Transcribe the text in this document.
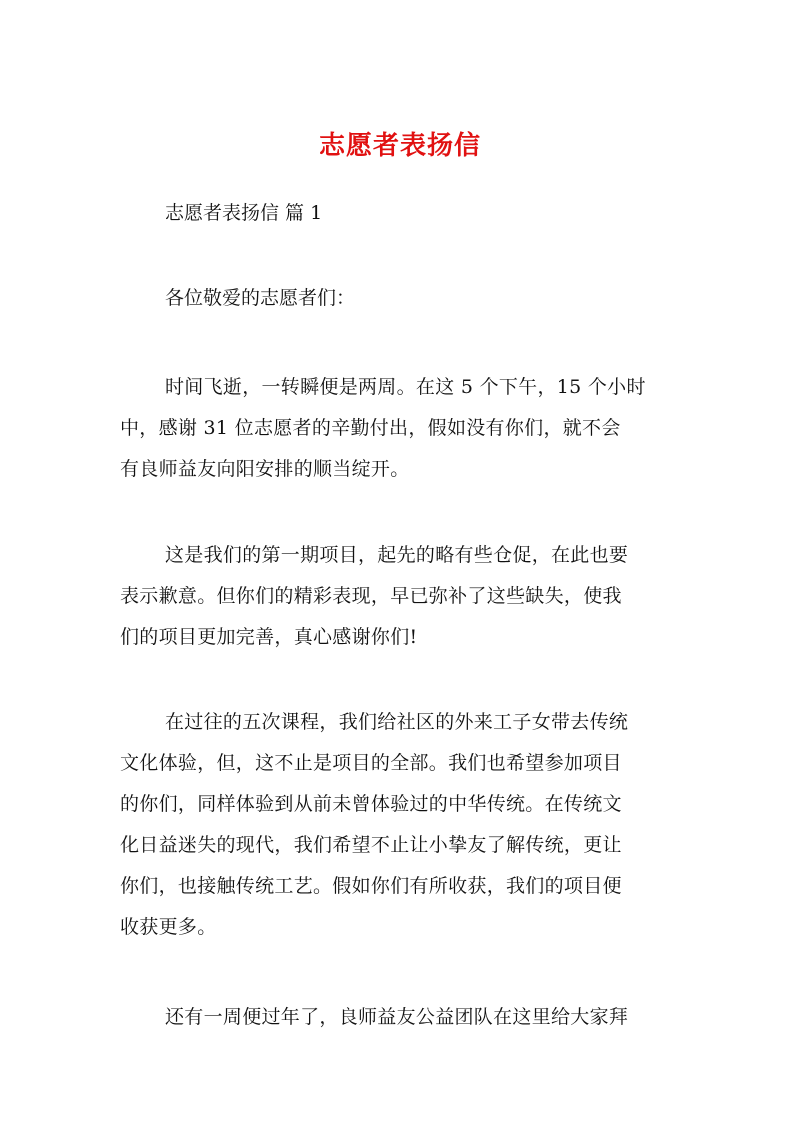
志愿者表扬信
志愿者表扬信 篇 1
各位敬爱的志愿者们：
时间飞逝，一转瞬便是两周。在这 5 个下午，15 个小时
中，感谢 31 位志愿者的辛勤付出，假如没有你们，就不会
有良师益友向阳安排的顺当绽开。
这是我们的第一期项目，起先的略有些仓促，在此也要
表示歉意。但你们的精彩表现，早已弥补了这些缺失，使我
们的项目更加完善，真心感谢你们!
在过往的五次课程，我们给社区的外来工子女带去传统
文化体验，但，这不止是项目的全部。我们也希望参加项目
的你们，同样体验到从前未曾体验过的中华传统。在传统文
化日益迷失的现代，我们希望不止让小挚友了解传统，更让
你们，也接触传统工艺。假如你们有所收获，我们的项目便
收获更多。
还有一周便过年了，良师益友公益团队在这里给大家拜
